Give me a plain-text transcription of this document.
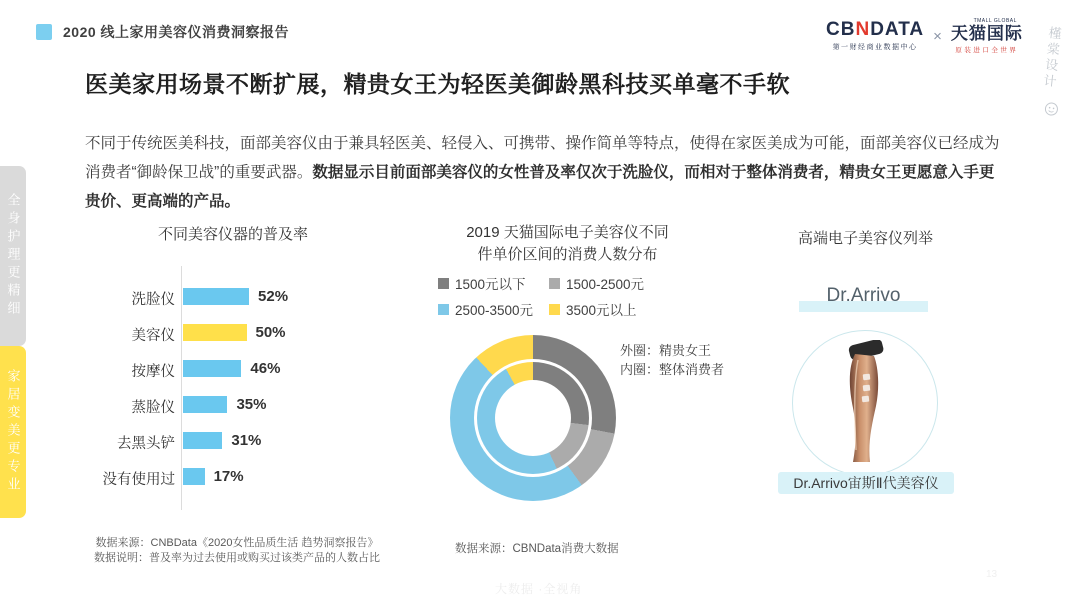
2020 线上家用美容仪消费洞察报告	CBNDATA
第一财经商业数据中心
×
TMALL GLOBAL
天猫国际
原装进口全世界	槿棠设计
医美家用场景不断扩展，精贵女王为轻医美御龄黑科技买单毫不手软
不同于传统医美科技，面部美容仪由于兼具轻医美、轻侵入、可携带、操作简单等特点，使得在家医美成为可能，面部美容仪已经成为消费者“御龄保卫战”的重要武器。数据显示目前面部美容仪的女性普及率仅次于洗脸仪，而相对于整体消费者，精贵女王更愿意入手更贵价、更高端的产品。
全身护理更精细
家居变美更专业
不同美容仪器的普及率
洗脸仪	52%
美容仪	50%
按摩仪	46%
蒸脸仪	35%
去黑头铲	31%
没有使用过	17%
2019 天猫国际电子美容仪不同
件单价区间的消费人数分布
1500元以下	1500-2500元
2500-3500元 3500元以上
外圈：精贵女王
内圈：整体消费者
高端电子美容仪列举
Dr.Arrivo
Dr.Arrivo宙斯Ⅱ代美容仪
数据来源：CNBData《2020女性品质生活 趋势洞察报告》
数据说明：普及率为过去使用或购买过该类产品的人数占比
数据来源：CBNData消费大数据
大数据 ·全视角
13
